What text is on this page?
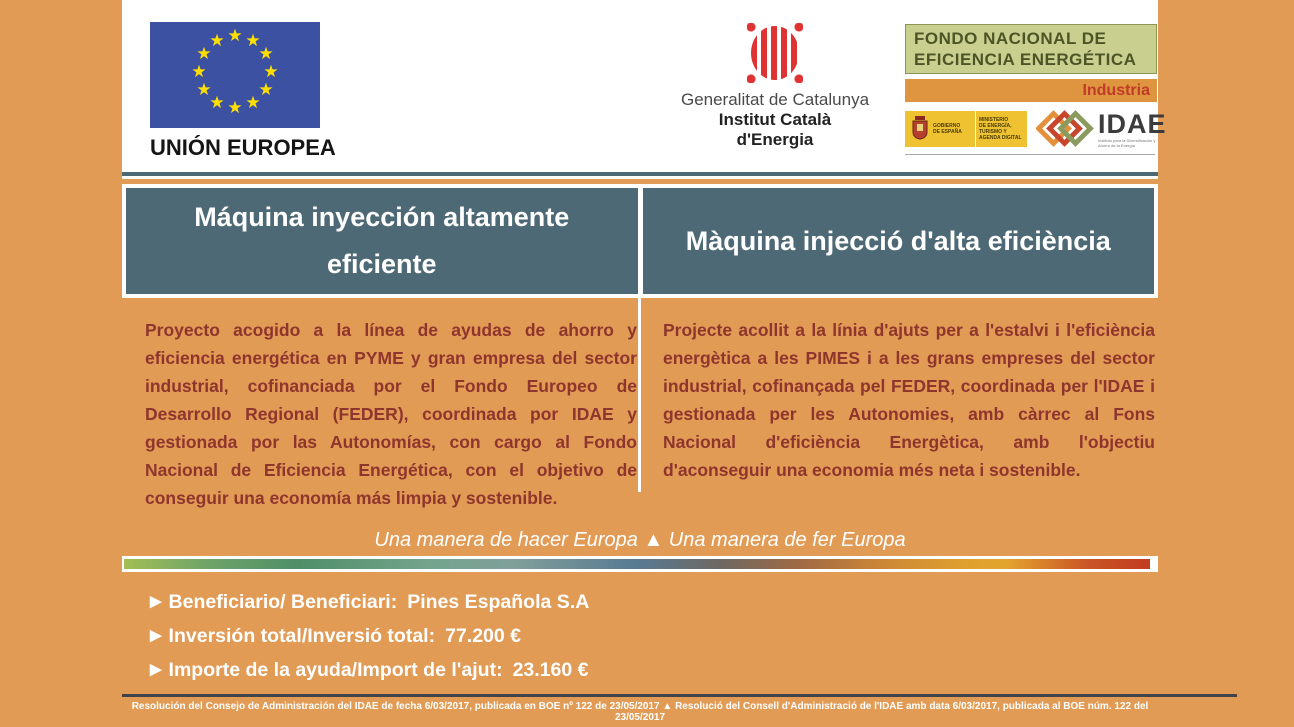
★ ★
★
★
★
★
★
★
★
★
★
★
UNIÓN EUROPEA
Generalitat de Catalunya
Institut Català
d'Energia
FONDO NACIONAL DE
EFICIENCIA ENERGÉTICA
Industria
GOBIERNO
DE ESPAÑA
MINISTERIO
DE ENERGÍA, TURISMO Y AGENDA DIGITAL	IDAE
Instituto para la Diversificación y Ahorro de la Energía
Máquina inyección altamente eficiente
Màquina injecció d'alta eficiència
Proyecto acogido a la línea de ayudas de ahorro y eficiencia energética en PYME y gran empresa del sector industrial, cofinanciada por el Fondo Europeo de Desarrollo Regional (FEDER), coordinada por IDAE y gestionada por las Autonomías, con cargo al Fondo Nacional de Eficiencia Energética, con el objetivo de conseguir una economía más limpia y sostenible.
Projecte acollit a la línia d'ajuts per a l'estalvi i l'eficiència energètica a les PIMES i a les grans empreses del sector industrial, cofinançada pel FEDER, coordinada per l'IDAE i gestionada per les Autonomies, amb càrrec al Fons Nacional d'eficiència Energètica, amb l'objectiu d'aconseguir una economia més neta i sostenible.
Una manera de hacer Europa ▲ Una manera de fer Europa
▶ Beneficiario/ Beneficiari: Pines Española S.A
▶ Inversión total/Inversió total: 77.200 €
▶ Importe de la ayuda/Import de l'ajut: 23.160 €
Resolución del Consejo de Administración del IDAE de fecha 6/03/2017, publicada en BOE nº 122 de 23/05/2017 ▲ Resolució del Consell d'Administració de l'IDAE amb data 6/03/2017, publicada al BOE núm. 122 del 23/05/2017
